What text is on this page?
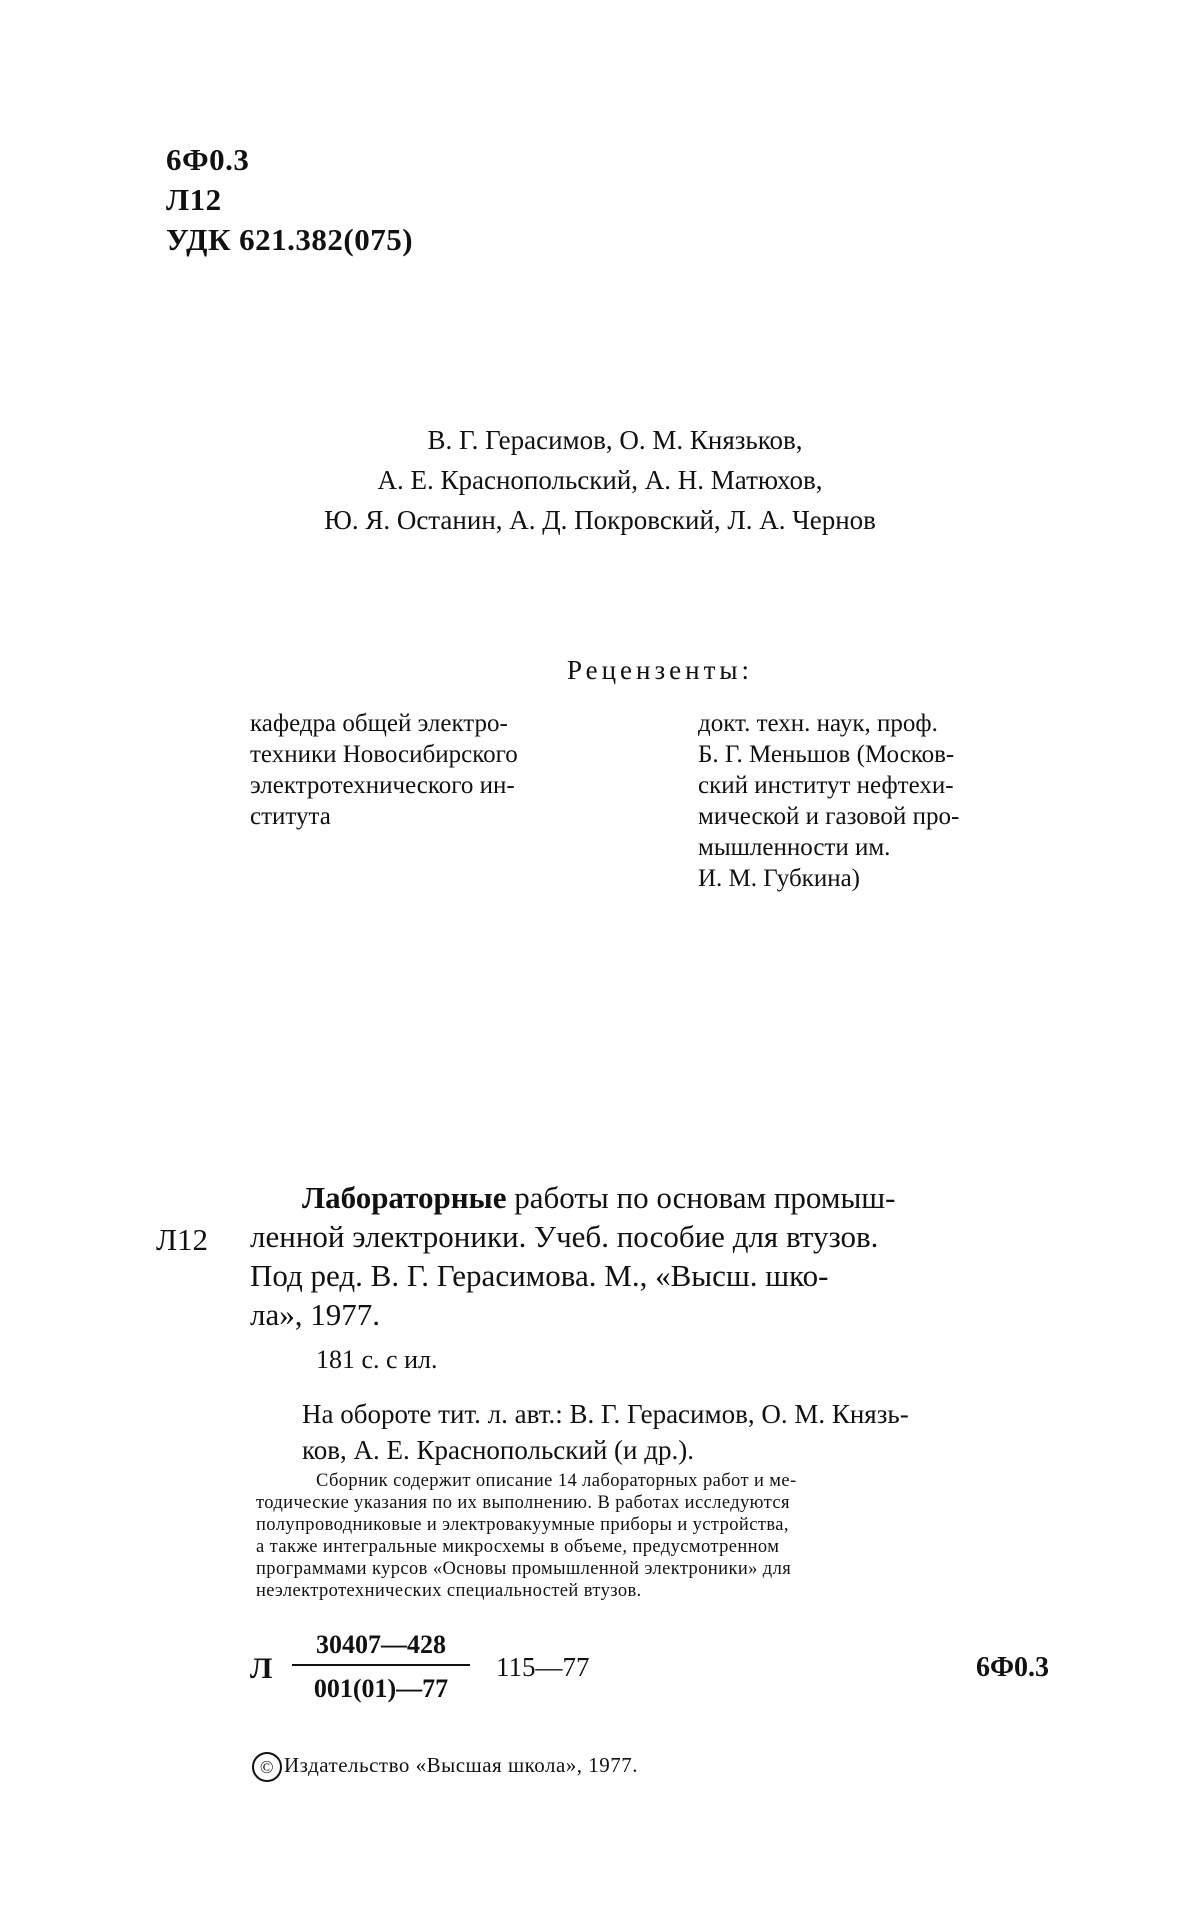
6Ф0.3
Л12
УДК 621.382(075)
В. Г. Герасимов, О. М. Князьков,
А. Е. Краснопольский, А. Н. Матюхов,
Ю. Я. Останин, А. Д. Покровский, Л. А. Чернов
Рецензенты:
кафедра общей электро-
техники Новосибирского
электротехнического ин-
ститута
докт. техн. наук, проф.
Б. Г. Меньшов (Москов-
ский институт нефтехи-
мической и газовой про-
мышленности им.
И. М. Губкина)
Л12
Лабораторные работы по основам промыш-
ленной электроники. Учеб. пособие для втузов.
Под ред. В. Г. Герасимова. М., «Высш. шко-
ла», 1977.
181 с. с ил.
На обороте тит. л. авт.: В. Г. Герасимов, О. М. Князь-
ков, А. Е. Краснопольский (и др.).
Сборник содержит описание 14 лабораторных работ и ме-
тодические указания по их выполнению. В работах исследуются
полупроводниковые и электровакуумные приборы и устройства,
а также интегральные микросхемы в объеме, предусмотренном
программами курсов «Основы промышленной электроники» для
неэлектротехнических специальностей втузов.
Л $\frac{30407—428}{001(01)—77}$ 115—77	6Ф0.3
© Издательство «Высшая школа», 1977.
